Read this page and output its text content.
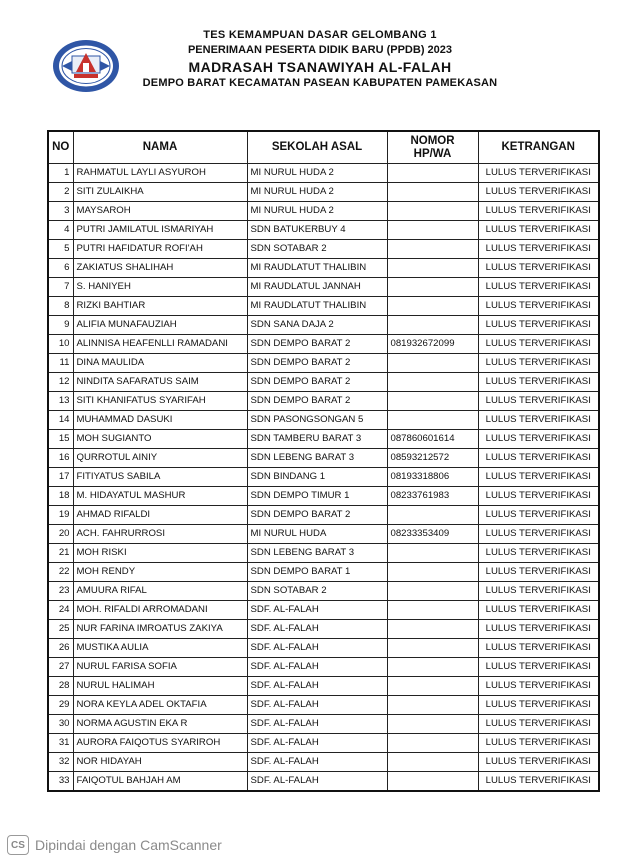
TES KEMAMPUAN DASAR GELOMBANG 1
PENERIMAAN PESERTA DIDIK BARU (PPDB) 2023
MADRASAH TSANAWIYAH AL-FALAH
DEMPO BARAT KECAMATAN PASEAN KABUPATEN PAMEKASAN
NO	NAMA	SEKOLAH ASAL	NOMOR HP/WA	KETRANGAN
1	RAHMATUL LAYLI ASYUROH	MI NURUL HUDA 2		LULUS TERVERIFIKASI
2	SITI ZULAIKHA	MI NURUL HUDA 2		LULUS TERVERIFIKASI
3	MAYSAROH	MI NURUL HUDA 2		LULUS TERVERIFIKASI
4	PUTRI JAMILATUL ISMARIYAH	SDN BATUKERBUY 4		LULUS TERVERIFIKASI
5	PUTRI HAFIDATUR ROFI'AH	SDN SOTABAR 2		LULUS TERVERIFIKASI
6	ZAKIATUS SHALIHAH	MI RAUDLATUT THALIBIN		LULUS TERVERIFIKASI
7	S. HANIYEH	MI RAUDLATUL JANNAH		LULUS TERVERIFIKASI
8	RIZKI BAHTIAR	MI RAUDLATUT THALIBIN		LULUS TERVERIFIKASI
9	ALIFIA MUNAFAUZIAH	SDN SANA DAJA 2		LULUS TERVERIFIKASI
10	ALINNISA HEAFENLLI RAMADANI	SDN DEMPO BARAT 2	081932672099	LULUS TERVERIFIKASI
11	DINA MAULIDA	SDN DEMPO BARAT 2		LULUS TERVERIFIKASI
12	NINDITA SAFARATUS SAIM	SDN DEMPO BARAT 2		LULUS TERVERIFIKASI
13	SITI KHANIFATUS SYARIFAH	SDN DEMPO BARAT 2		LULUS TERVERIFIKASI
14	MUHAMMAD DASUKI	SDN PASONGSONGAN 5		LULUS TERVERIFIKASI
15	MOH SUGIANTO	SDN TAMBERU BARAT 3	087860601614	LULUS TERVERIFIKASI
16	QURROTUL AINIY	SDN LEBENG BARAT 3	08593212572	LULUS TERVERIFIKASI
17	FITIYATUS SABILA	SDN BINDANG 1	08193318806	LULUS TERVERIFIKASI
18	M. HIDAYATUL MASHUR	SDN DEMPO TIMUR 1	08233761983	LULUS TERVERIFIKASI
19	AHMAD RIFALDI	SDN DEMPO BARAT 2		LULUS TERVERIFIKASI
20	ACH. FAHRURROSI	MI NURUL HUDA	08233353409	LULUS TERVERIFIKASI
21	MOH RISKI	SDN LEBENG BARAT 3		LULUS TERVERIFIKASI
22	MOH RENDY	SDN DEMPO BARAT 1		LULUS TERVERIFIKASI
23	AMUURA RIFAL	SDN SOTABAR 2		LULUS TERVERIFIKASI
24	MOH. RIFALDI ARROMADANI	SDF. AL-FALAH		LULUS TERVERIFIKASI
25	NUR FARINA IMROATUS ZAKIYA	SDF. AL-FALAH		LULUS TERVERIFIKASI
26	MUSTIKA AULIA	SDF. AL-FALAH		LULUS TERVERIFIKASI
27	NURUL FARISA SOFIA	SDF. AL-FALAH		LULUS TERVERIFIKASI
28	NURUL HALIMAH	SDF. AL-FALAH		LULUS TERVERIFIKASI
29	NORA KEYLA ADEL OKTAFIA	SDF. AL-FALAH		LULUS TERVERIFIKASI
30	NORMA AGUSTIN EKA R	SDF. AL-FALAH		LULUS TERVERIFIKASI
31	AURORA FAIQOTUS SYARIROH	SDF. AL-FALAH		LULUS TERVERIFIKASI
32	NOR HIDAYAH	SDF. AL-FALAH		LULUS TERVERIFIKASI
33	FAIQOTUL BAHJAH AM	SDF. AL-FALAH		LULUS TERVERIFIKASI
CS Dipindai dengan CamScanner
